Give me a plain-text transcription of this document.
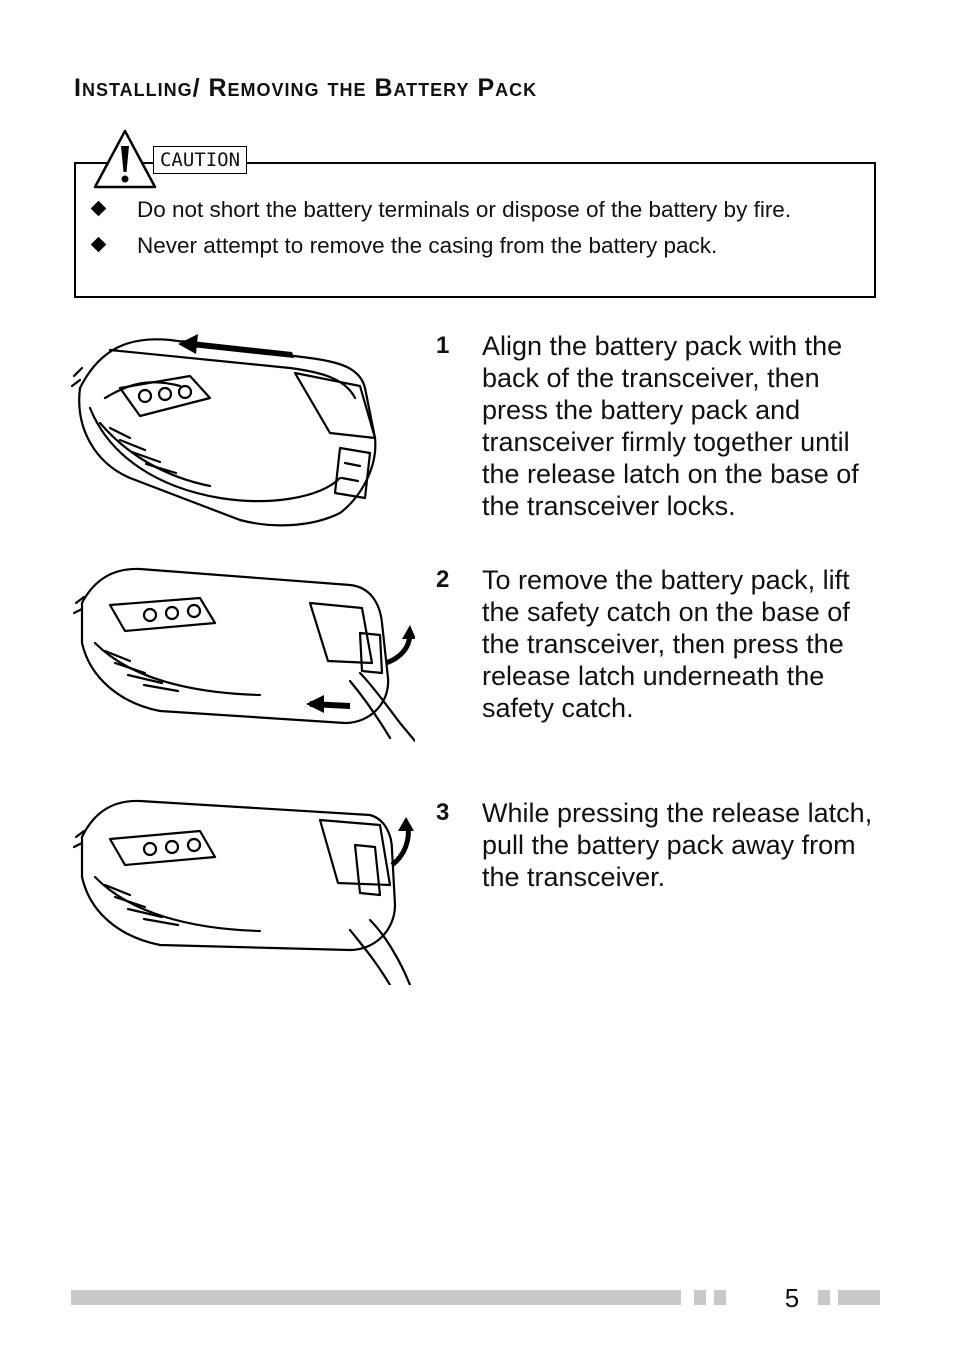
Installing/ Removing the Battery Pack
CAUTION
Do not short the battery terminals or dispose of the battery by fire.
Never attempt to remove the casing from the battery pack.
1 Align the battery pack with the back of the transceiver, then press the battery pack and transceiver firmly together until the release latch on the base of the transceiver locks.
2 To remove the battery pack, lift the safety catch on the base of the transceiver, then press the release latch underneath the safety catch.
3 While pressing the release latch, pull the battery pack away from the transceiver.
5
